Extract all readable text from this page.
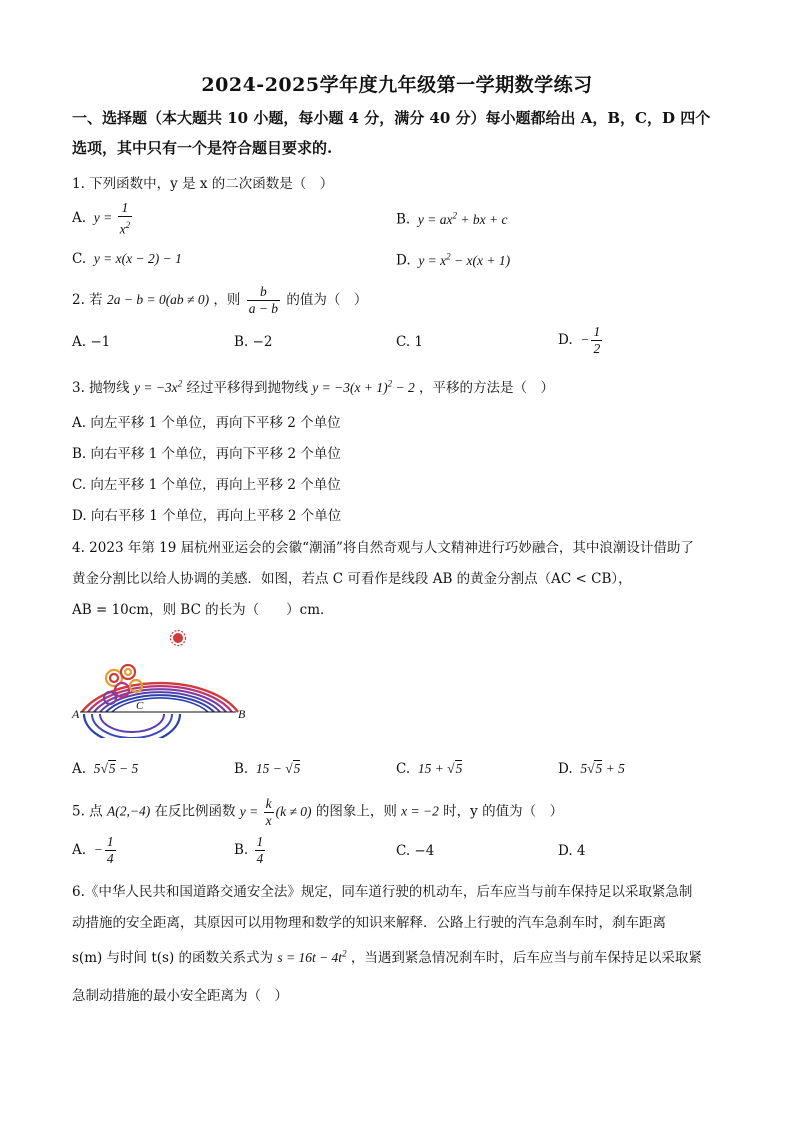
2024-2025学年度九年级第一学期数学练习
一、选择题（本大题共 10 小题，每小题 4 分，满分 40 分）每小题都给出 A，B，C，D 四个
选项，其中只有一个是符合题目要求的.
1. 下列函数中，y 是 x 的二次函数是（　）
A.  $y = \frac{1}{x^2}$	B.  $y = ax^2$ + bx + c
C.  y = x(x − 2) − 1	D.  $y = x^2 - x(x + 1)$
2. 若 2a − b = 0(ab ≠ 0) ，则 $\frac{b}{a - b}$ 的值为（　）
A. −1	B. −2	C. 1	D.  − $\frac{1}{2}$
3. 抛物线 $y = -3x^2$ 经过平移得到抛物线 $y = -3(x + 1)^2 - 2$ ，平移的方法是（　）
A. 向左平移 1 个单位，再向下平移 2 个单位
B. 向右平移 1 个单位，再向下平移 2 个单位
C. 向左平移 1 个单位，再向上平移 2 个单位
D. 向右平移 1 个单位，再向上平移 2 个单位
4. 2023 年第 19 届杭州亚运会的会徽“潮涌”将自然奇观与人文精神进行巧妙融合，其中浪潮设计借助了
黄金分割比以给人协调的美感．如图，若点 C 可看作是线段 AB 的黄金分割点（AC < CB），
AB = 10cm，则 BC 的长为（　　）cm．
A	B
C
A.  5√5 − 5	B.  15 − √5	C.  15 + √5	D.  5√5 + 5
5. 点 A(2,−4) 在反比例函数 $y = \frac{k}{x} (k \ne 0)$ 的图象上，则 x = −2 时，y 的值为（　）
A.  − $\frac{1}{4}$	B. $\frac{1}{4}$	C. −4	D. 4
6.《中华人民共和国道路交通安全法》规定，同车道行驶的机动车，后车应当与前车保持足以采取紧急制
动措施的安全距离，其原因可以用物理和数学的知识来解释．公路上行驶的汽车急刹车时，刹车距离
s(m) 与时间 t(s) 的函数关系式为 $s = 16t - 4t^2$ ，当遇到紧急情况刹车时，后车应当与前车保持足以采取紧
急制动措施的最小安全距离为（　）
